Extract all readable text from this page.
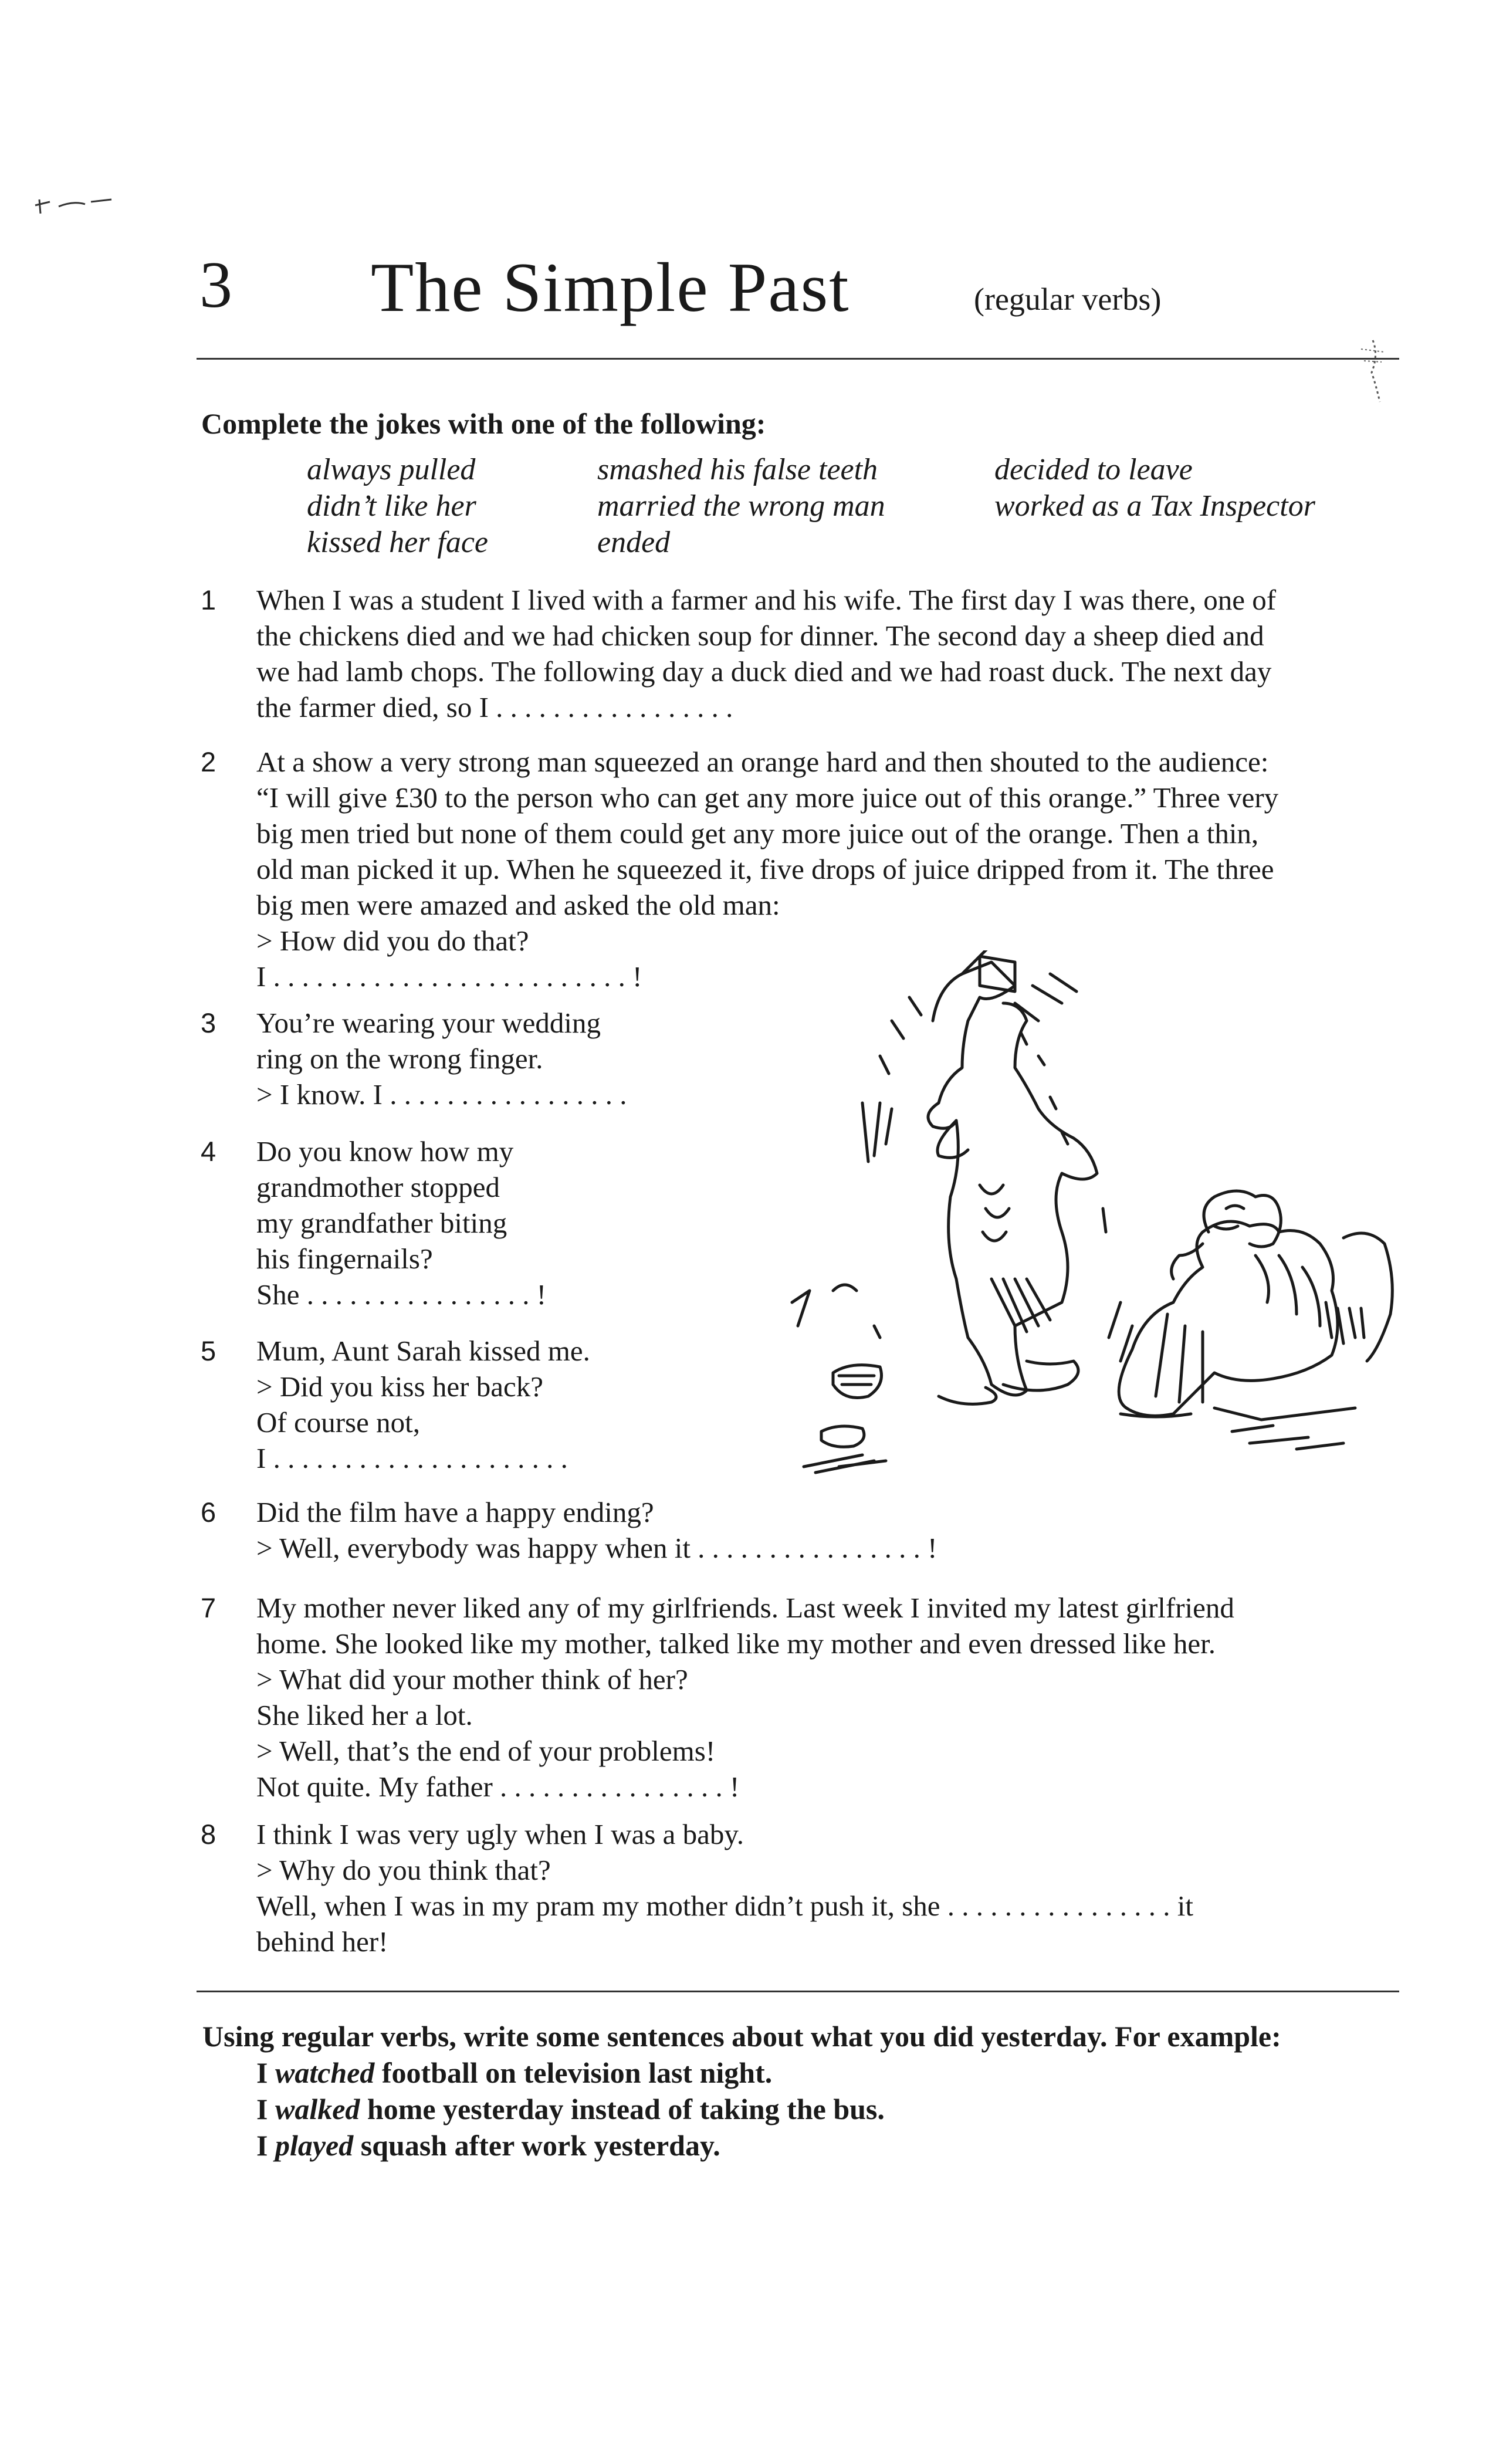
3 The Simple Past	(regular verbs)
Complete the jokes with one of the following:
always pulled
didn’t like her
kissed her face
smashed his false teeth
married the wrong man
ended
decided to leave
worked as a Tax Inspector
1 When I was a student I lived with a farmer and his wife. The first day I was there, one of
the chickens died and we had chicken soup for dinner. The second day a sheep died and
we had lamb chops. The following day a duck died and we had roast duck. The next day
the farmer died, so I . . . . . . . . . . . . . . . . .
2 At a show a very strong man squeezed an orange hard and then shouted to the audience:
“I will give £30 to the person who can get any more juice out of this orange.” Three very
big men tried but none of them could get any more juice out of the orange. Then a thin,
old man picked it up. When he squeezed it, five drops of juice dripped from it. The three
big men were amazed and asked the old man:
> How did you do that?
I . . . . . . . . . . . . . . . . . . . . . . . . . !
3 You’re wearing your wedding
ring on the wrong finger.
> I know. I . . . . . . . . . . . . . . . . .
4 Do you know how my
grandmother stopped
my grandfather biting
his fingernails?
She . . . . . . . . . . . . . . . . !
5 Mum, Aunt Sarah kissed me.
> Did you kiss her back?
Of course not,
I . . . . . . . . . . . . . . . . . . . . .
6 Did the film have a happy ending?
> Well, everybody was happy when it . . . . . . . . . . . . . . . . !
7 My mother never liked any of my girlfriends. Last week I invited my latest girlfriend
home. She looked like my mother, talked like my mother and even dressed like her.
> What did your mother think of her?
She liked her a lot.
> Well, that’s the end of your problems!
Not quite. My father . . . . . . . . . . . . . . . . !
8 I think I was very ugly when I was a baby.
> Why do you think that?
Well, when I was in my pram my mother didn’t push it, she . . . . . . . . . . . . . . . . it
behind her!
Using regular verbs, write some sentences about what you did yesterday. For example:
I watched football on television last night.
I walked home yesterday instead of taking the bus.
I played squash after work yesterday.
